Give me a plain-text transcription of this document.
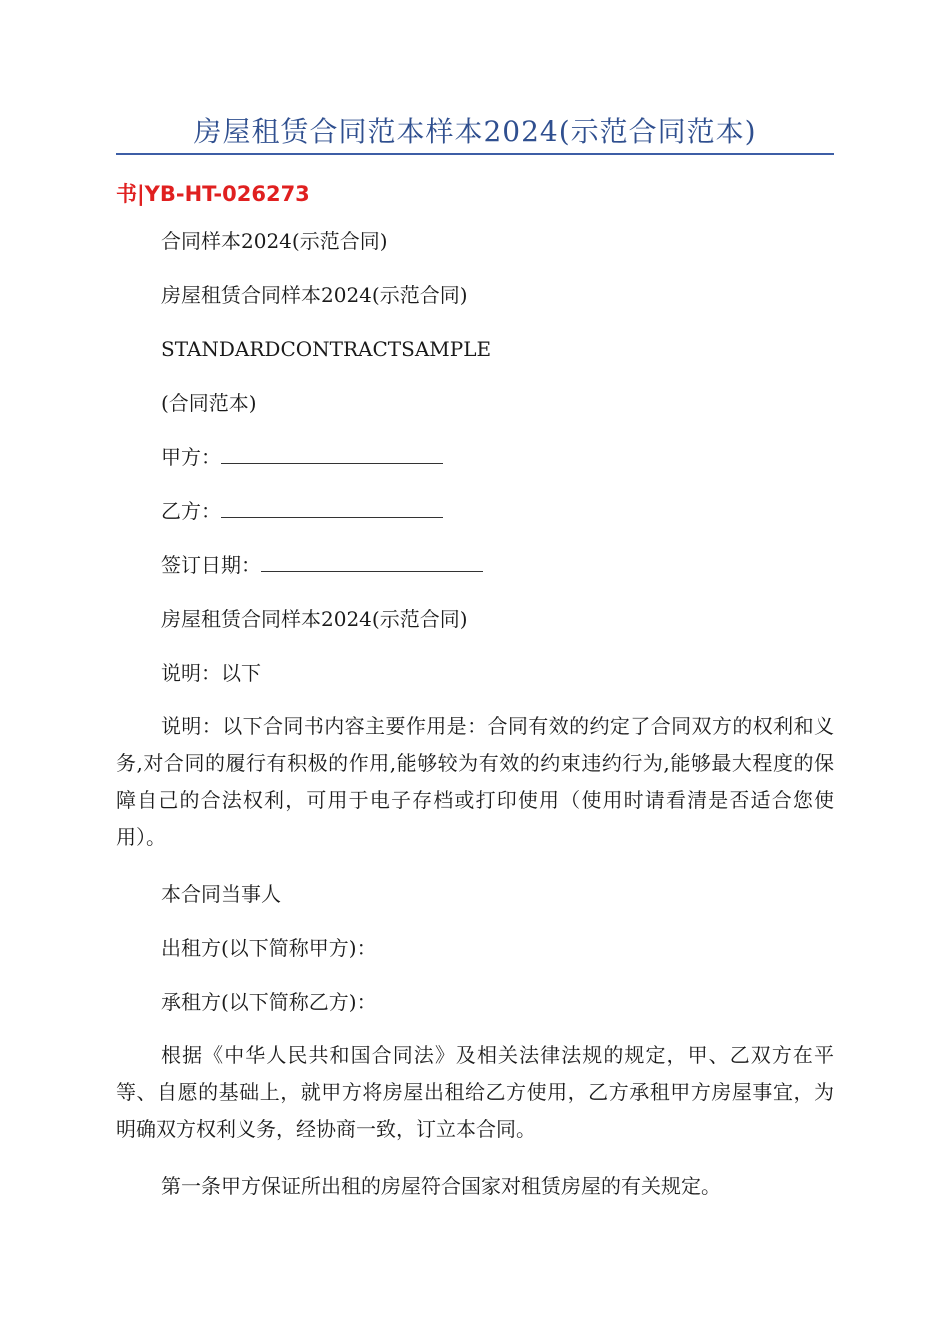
房屋租赁合同范本样本2024(示范合同范本)
书|YB-HT-026273
合同样本2024(示范合同)
房屋租赁合同样本2024(示范合同)
STANDARDCONTRACTSAMPLE
(合同范本)
甲方：
乙方：
签订日期：
房屋租赁合同样本2024(示范合同)
说明：以下
说明：以下合同书内容主要作用是：合同有效的约定了合同双方的权利和义务,对合同的履行有积极的作用,能够较为有效的约束违约行为,能够最大程度的保障自己的合法权利，可用于电子存档或打印使用（使用时请看清是否适合您使用）。
本合同当事人
出租方(以下简称甲方)：
承租方(以下简称乙方)：
根据《中华人民共和国合同法》及相关法律法规的规定，甲、乙双方在平等、自愿的基础上，就甲方将房屋出租给乙方使用，乙方承租甲方房屋事宜，为明确双方权利义务，经协商一致，订立本合同。
第一条甲方保证所出租的房屋符合国家对租赁房屋的有关规定。
